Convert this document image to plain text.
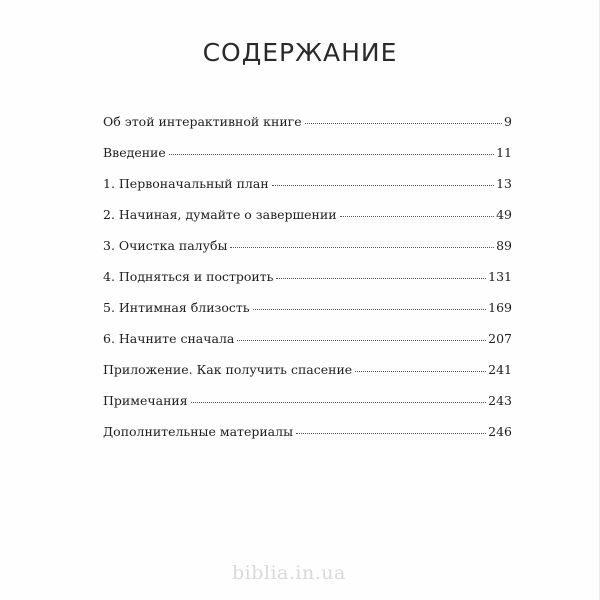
СОДЕРЖАНИЕ
Об этой интерактивной книге	9
Введение	11
1. Первоначальный план	13
2. Начиная, думайте о завершении	49
3. Очистка палубы	89
4. Подняться и построить	131
5. Интимная близость	169
6. Начните сначала	207
Приложение. Как получить спасение	241
Примечания	243
Дополнительные материалы	246
biblia.in.ua
